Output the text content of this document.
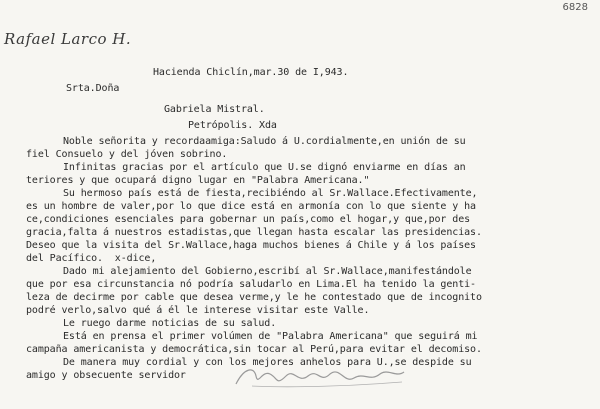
6828
Rafael Larco H.
Hacienda Chiclín,mar.30 de I,943.
Srta.Doña
Gabriela Mistral.
Petrópolis. Xda
Noble señorita y recordaamiga:Saludo á U.cordialmente,en unión de su
fiel Consuelo y del jóven sobrino.
Infinitas gracias por el artículo que U.se dignó enviarme en días an
teriores y que ocupará digno lugar en "Palabra Americana."
Su hermoso país está de fiesta,recibiéndo al Sr.Wallace.Efectivamente,
es un hombre de valer,por lo que dice está en armonía con lo que siente y ha
ce,condiciones esenciales para gobernar un país,como el hogar,y que,por des
gracia,falta á nuestros estadistas,que llegan hasta escalar las presidencias.
Deseo que la visita del Sr.Wallace,haga muchos bienes á Chile y á los países
del Pacífico.  x-dice,
Dado mi alejamiento del Gobierno,escribí al Sr.Wallace,manifestándole
que por esa circunstancia nó podría saludarlo en Lima.El ha tenido la genti-
leza de decirme por cable que desea verme,y le he contestado que de incognito
podré verlo,salvo qué á él le interese visitar este Valle.
Le ruego darme noticias de su salud.
Está en prensa el primer volúmen de "Palabra Americana" que seguirá mi
campaña americanista y democrática,sin tocar al Perú,para evitar el decomiso.
De manera muy cordial y con los mejores anhelos para U.,se despide su
amigo y obsecuente servidor
